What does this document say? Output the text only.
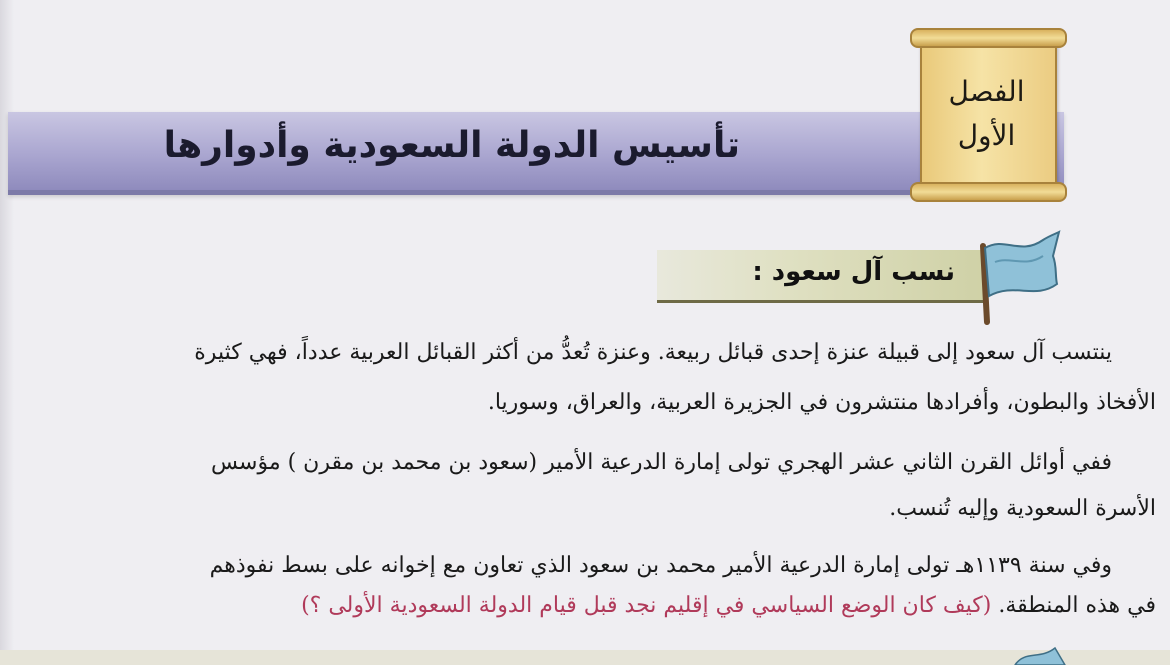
تأسيس الدولة السعودية وأدوارها
الفصل
الأول
نسب آل سعود :
ينتسب آل سعود إلى قبيلة عنزة إحدى قبائل ربيعة. وعنزة تُعدُّ من أكثر القبائل العربية عدداً، فهي كثيرة
الأفخاذ والبطون، وأفرادها منتشرون في الجزيرة العربية، والعراق، وسوريا.
ففي أوائل القرن الثاني عشر الهجري تولى إمارة الدرعية الأمير (سعود بن محمد بن مقرن ) مؤسس
الأسرة السعودية وإليه تُنسب.
وفي سنة ١١٣٩هـ تولى إمارة الدرعية الأمير محمد بن سعود الذي تعاون مع إخوانه على بسط نفوذهم
في هذه المنطقة. (كيف كان الوضع السياسي في إقليم نجد قبل قيام الدولة السعودية الأولى ؟)
